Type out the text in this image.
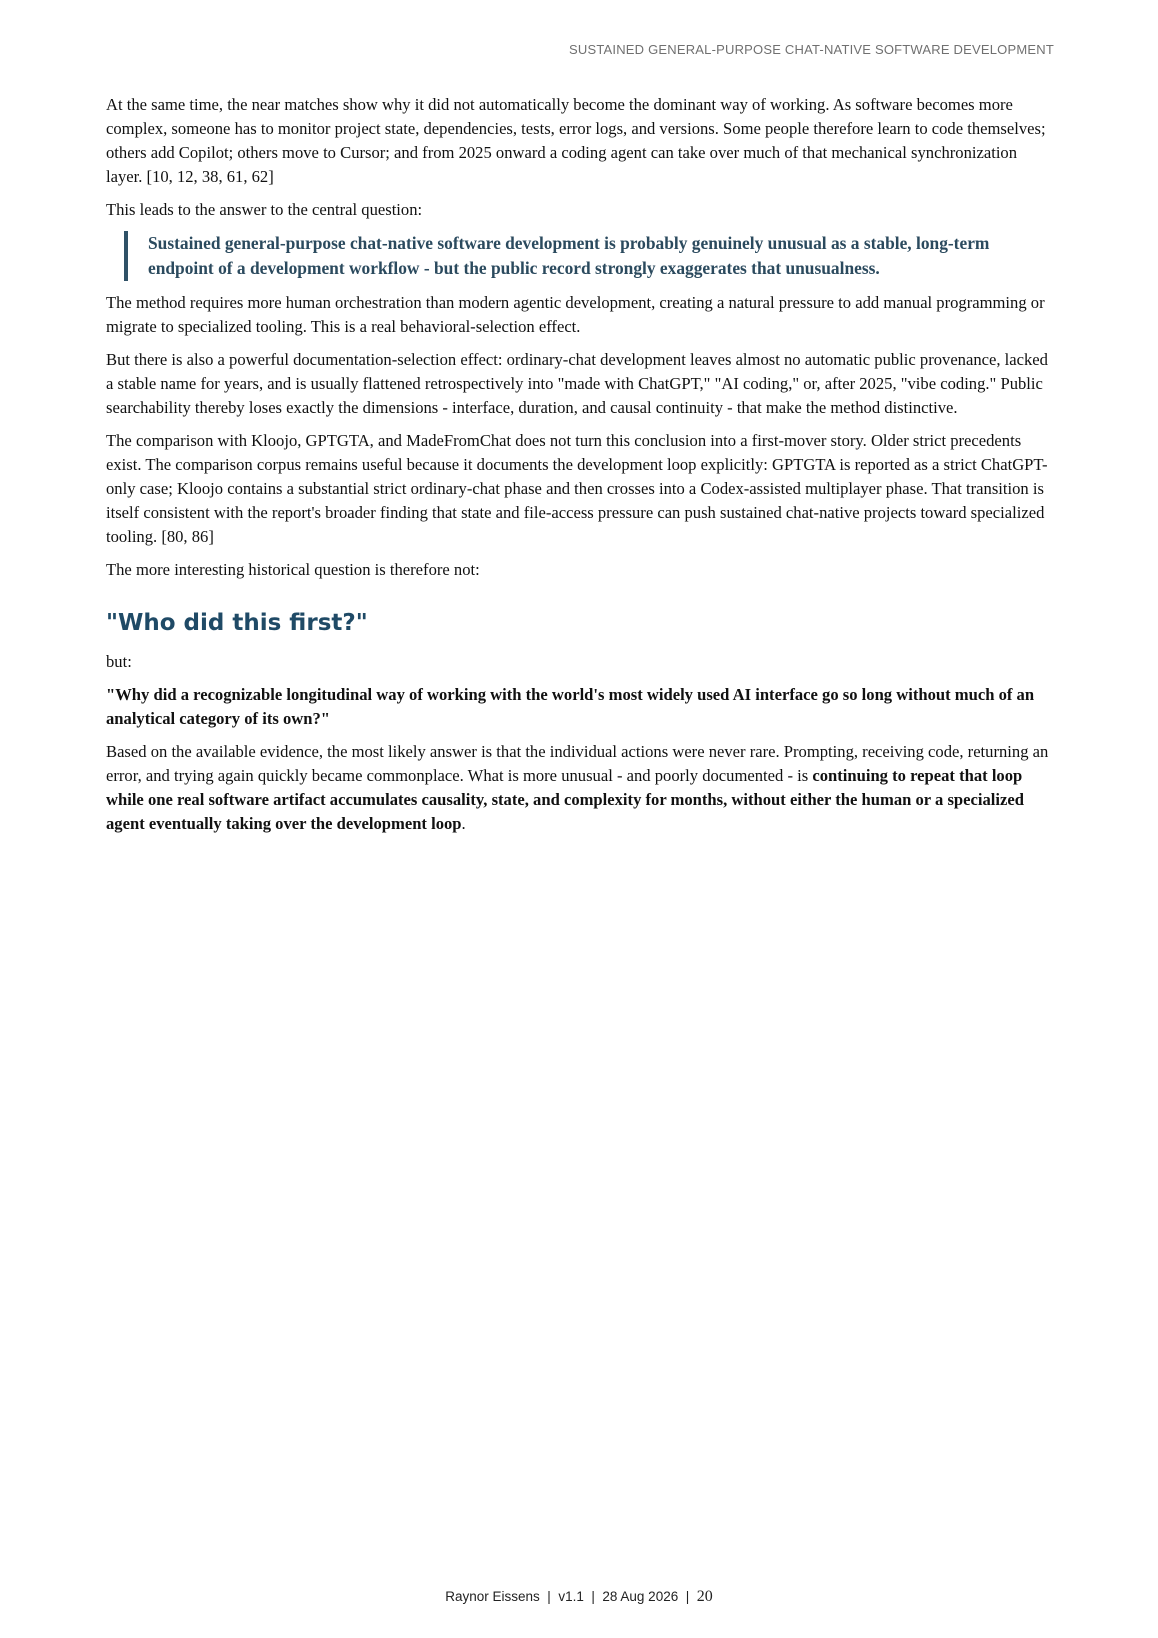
SUSTAINED GENERAL-PURPOSE CHAT-NATIVE SOFTWARE DEVELOPMENT

At the same time, the near matches show why it did not automatically become the dominant way of working. As software becomes more complex, someone has to monitor project state, dependencies, tests, error logs, and versions. Some people therefore learn to code themselves; others add Copilot; others move to Cursor; and from 2025 onward a coding agent can take over much of that mechanical synchronization layer. [10, 12, 38, 61, 62]

This leads to the answer to the central question:

Sustained general-purpose chat-native software development is probably genuinely unusual as a stable, long-term endpoint of a development workflow - but the public record strongly exaggerates that unusualness.

The method requires more human orchestration than modern agentic development, creating a natural pressure to add manual programming or migrate to specialized tooling. This is a real behavioral-selection effect.

But there is also a powerful documentation-selection effect: ordinary-chat development leaves almost no automatic public provenance, lacked a stable name for years, and is usually flattened retrospectively into "made with ChatGPT," "AI coding," or, after 2025, "vibe coding." Public searchability thereby loses exactly the dimensions - interface, duration, and causal continuity - that make the method distinctive.

The comparison with Kloojo, GPTGTA, and MadeFromChat does not turn this conclusion into a first-mover story. Older strict precedents exist. The comparison corpus remains useful because it documents the development loop explicitly: GPTGTA is reported as a strict ChatGPT-only case; Kloojo contains a substantial strict ordinary-chat phase and then crosses into a Codex-assisted multiplayer phase. That transition is itself consistent with the report's broader finding that state and file-access pressure can push sustained chat-native projects toward specialized tooling. [80, 86]

The more interesting historical question is therefore not:

"Who did this first?"

but:

"Why did a recognizable longitudinal way of working with the world's most widely used AI interface go so long without much of an analytical category of its own?"

Based on the available evidence, the most likely answer is that the individual actions were never rare. Prompting, receiving code, returning an error, and trying again quickly became commonplace. What is more unusual - and poorly documented - is continuing to repeat that loop while one real software artifact accumulates causality, state, and complexity for months, without either the human or a specialized agent eventually taking over the development loop.

Raynor Eissens | v1.1 | 28 Aug 2026 | 20
